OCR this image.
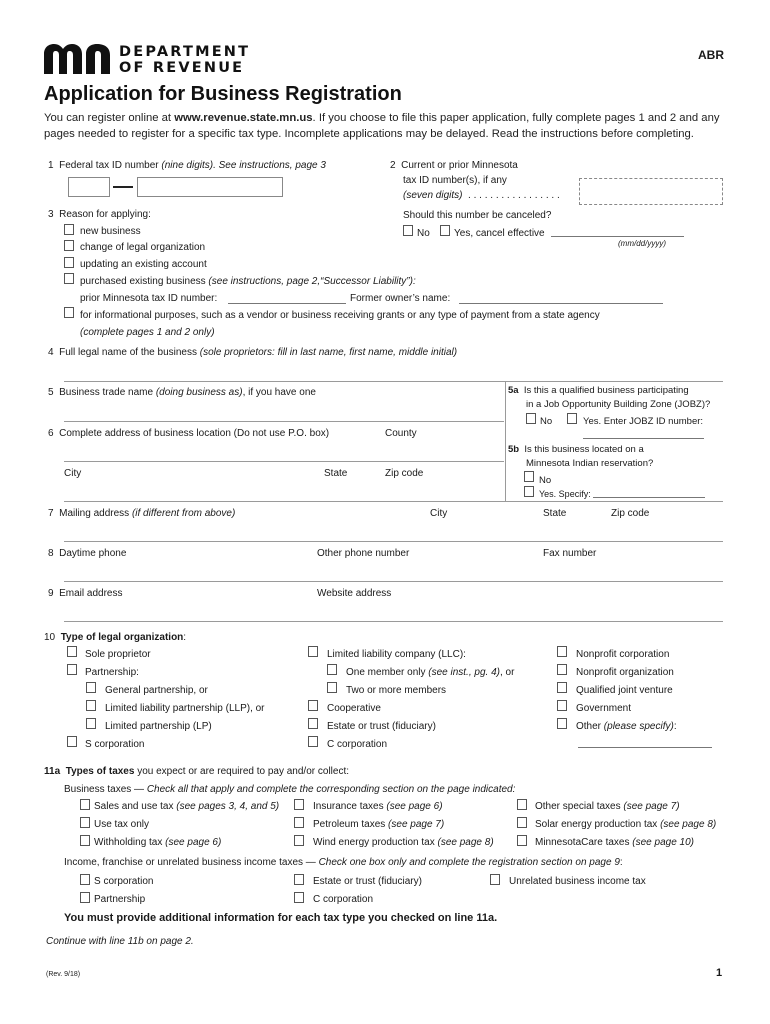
DEPARTMENT
OF REVENUE
ABR
Application for Business Registration
You can register online at www.revenue.state.mn.us. If you choose to file this paper application, fully complete pages 1 and 2 and any pages needed to register for a specific tax type. Incomplete applications may be delayed. Read the instructions before completing.
1 Federal tax ID number (nine digits). See instructions, page 3	2 Current or prior Minnesota
tax ID number(s), if any
(seven digits) . . . . . . . . . . . . . . . . .
3 Reason for applying:
new business
change of legal organization
updating an existing account
purchased existing business (see instructions, page 2,“Successor Liability”):
prior Minnesota tax ID number:	Former owner’s name:
for informational purposes, such as a vendor or business receiving grants or any type of payment from a state agency
(complete pages 1 and 2 only)
Should this number be canceled?
No Yes, cancel effective
(mm/dd/yyyy)
4 Full legal name of the business (sole proprietors: fill in last name, first name, middle initial)
5 Business trade name (doing business as), if you have one	5a Is this a qualified business participating
in a Job Opportunity Building Zone (JOBZ)?
No	Yes. Enter JOBZ ID number:
5b Is this business located on a
Minnesota Indian reservation?
No
Yes. Specify:
6 Complete address of business location (Do not use P.O. box)	County
City	State	Zip code
7 Mailing address (if different from above)	City	State	Zip code
8 Daytime phone	Other phone number	Fax number
9 Email address	Website address
10 Type of legal organization:
Sole proprietor
Partnership:
General partnership, or
Limited liability partnership (LLP), or
Limited partnership (LP)
S corporation
Limited liability company (LLC):
One member only (see inst., pg. 4), or
Two or more members
Cooperative
Estate or trust (fiduciary)
C corporation
Nonprofit corporation
Nonprofit organization
Qualified joint venture
Government
Other (please specify):
11a Types of taxes you expect or are required to pay and/or collect:
Business taxes — Check all that apply and complete the corresponding section on the page indicated:
Sales and use tax (see pages 3, 4, and 5)
Use tax only
Withholding tax (see page 6)
Insurance taxes (see page 6)
Petroleum taxes (see page 7)
Wind energy production tax (see page 8)
Other special taxes (see page 7)
Solar energy production tax (see page 8)
MinnesotaCare taxes (see page 10)
Income, franchise or unrelated business income taxes — Check one box only and complete the registration section on page 9:
S corporation
Partnership
Estate or trust (fiduciary)
C corporation
Unrelated business income tax
You must provide additional information for each tax type you checked on line 11a.
Continue with line 11b on page 2.
(Rev. 9/18)	1
